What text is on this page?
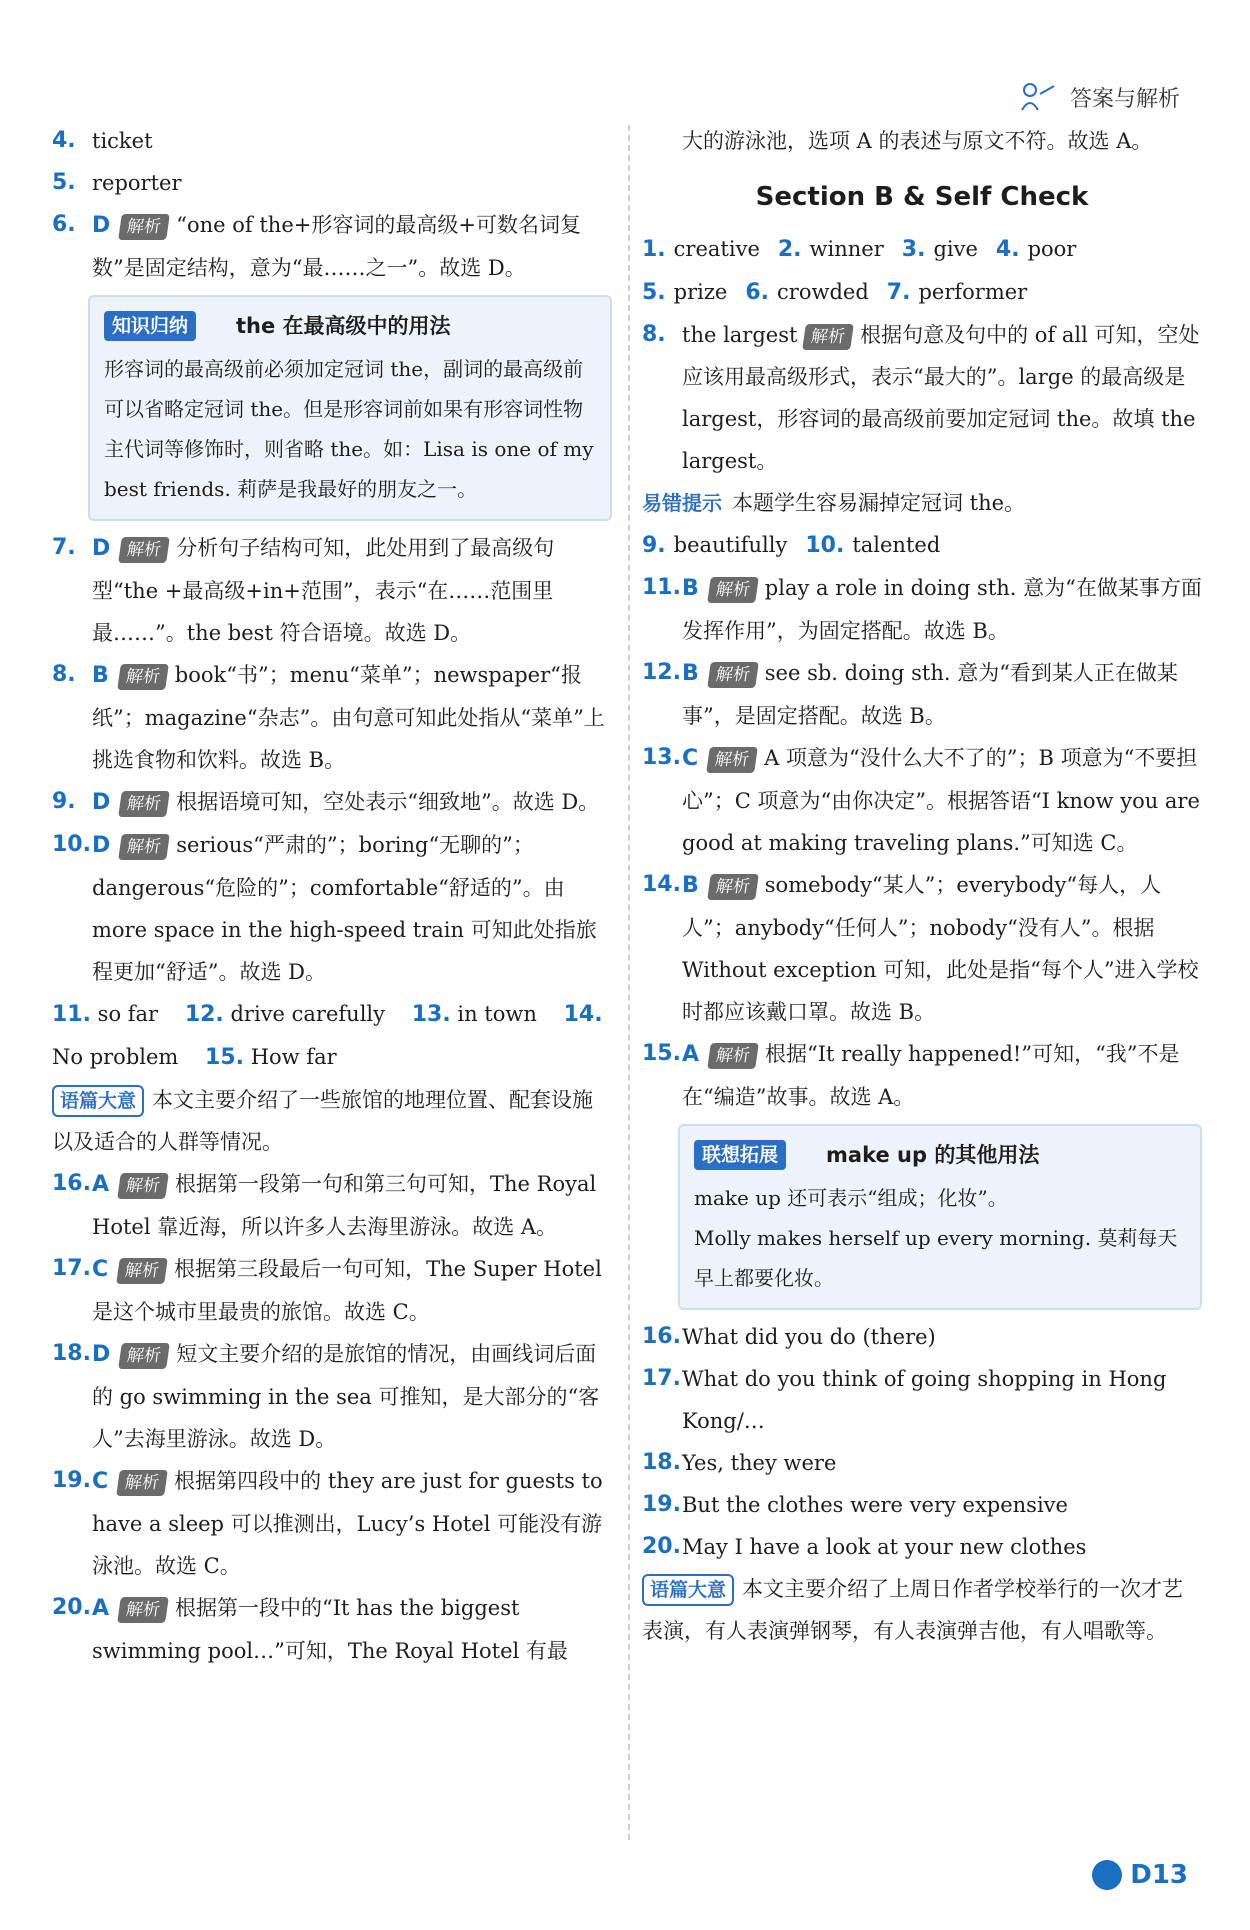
答案与解析
4. ticket
5. reporter
6. D 解析 “one of the+形容词的最高级+可数名词复数”是固定结构，意为“最……之一”。故选 D。
知识归纳	the 在最高级中的用法

形容词的最高级前必须加定冠词 the，副词的最高级前可以省略定冠词 the。但是形容词前如果有形容词性物主代词等修饰时，则省略 the。如：Lisa is one of my best friends. 莉萨是我最好的朋友之一。

7. D 解析 分析句子结构可知，此处用到了最高级句型“the +最高级+in+范围”，表示“在……范围里最……”。the best 符合语境。故选 D。
8. B 解析 book“书”；menu“菜单”；newspaper“报纸”；magazine“杂志”。由句意可知此处指从“菜单”上挑选食物和饮料。故选 B。
9. D 解析 根据语境可知，空处表示“细致地”。故选 D。
10. D 解析 serious“严肃的”；boring“无聊的”；dangerous“危险的”；comfortable“舒适的”。由 more space in the high-speed train 可知此处指旅程更加“舒适”。故选 D。
11. so far 12. drive carefully 13. in town 14. No problem 15. How far
语篇大意 本文主要介绍了一些旅馆的地理位置、配套设施以及适合的人群等情况。
16. A 解析 根据第一段第一句和第三句可知，The Royal Hotel 靠近海，所以许多人去海里游泳。故选 A。
17. C 解析 根据第三段最后一句可知，The Super Hotel 是这个城市里最贵的旅馆。故选 C。
18. D 解析 短文主要介绍的是旅馆的情况，由画线词后面的 go swimming in the sea 可推知，是大部分的“客人”去海里游泳。故选 D。
19. C 解析 根据第四段中的 they are just for guests to have a sleep 可以推测出，Lucy’s Hotel 可能没有游泳池。故选 C。
20. A 解析 根据第一段中的“It has the biggest swimming pool…”可知，The Royal Hotel 有最
大的游泳池，选项 A 的表述与原文不符。故选 A。
Section B & Self Check
1. creative 2. winner 3. give 4. poor
5. prize 6. crowded 7. performer
8. the largest 解析 根据句意及句中的 of all 可知，空处应该用最高级形式，表示“最大的”。large 的最高级是 largest，形容词的最高级前要加定冠词 the。故填 the largest。
易错提示 本题学生容易漏掉定冠词 the。
9. beautifully 10. talented
11. B 解析 play a role in doing sth. 意为“在做某事方面发挥作用”，为固定搭配。故选 B。
12. B 解析 see sb. doing sth. 意为“看到某人正在做某事”，是固定搭配。故选 B。
13. C 解析 A 项意为“没什么大不了的”；B 项意为“不要担心”；C 项意为“由你决定”。根据答语“I know you are good at making traveling plans.”可知选 C。
14. B 解析 somebody“某人”；everybody“每人，人人”；anybody“任何人”；nobody“没有人”。根据 Without exception 可知，此处是指“每个人”进入学校时都应该戴口罩。故选 B。
15. A 解析 根据“It really happened!”可知，“我”不是在“编造”故事。故选 A。
联想拓展	make up 的其他用法

make up 还可表示“组成；化妆”。

Molly makes herself up every morning. 莫莉每天早上都要化妆。

16. What did you do (there)
17. What do you think of going shopping in Hong Kong/…
18. Yes, they were
19. But the clothes were very expensive
20. May I have a look at your new clothes
语篇大意 本文主要介绍了上周日作者学校举行的一次才艺表演，有人表演弹钢琴，有人表演弹吉他，有人唱歌等。
D13
